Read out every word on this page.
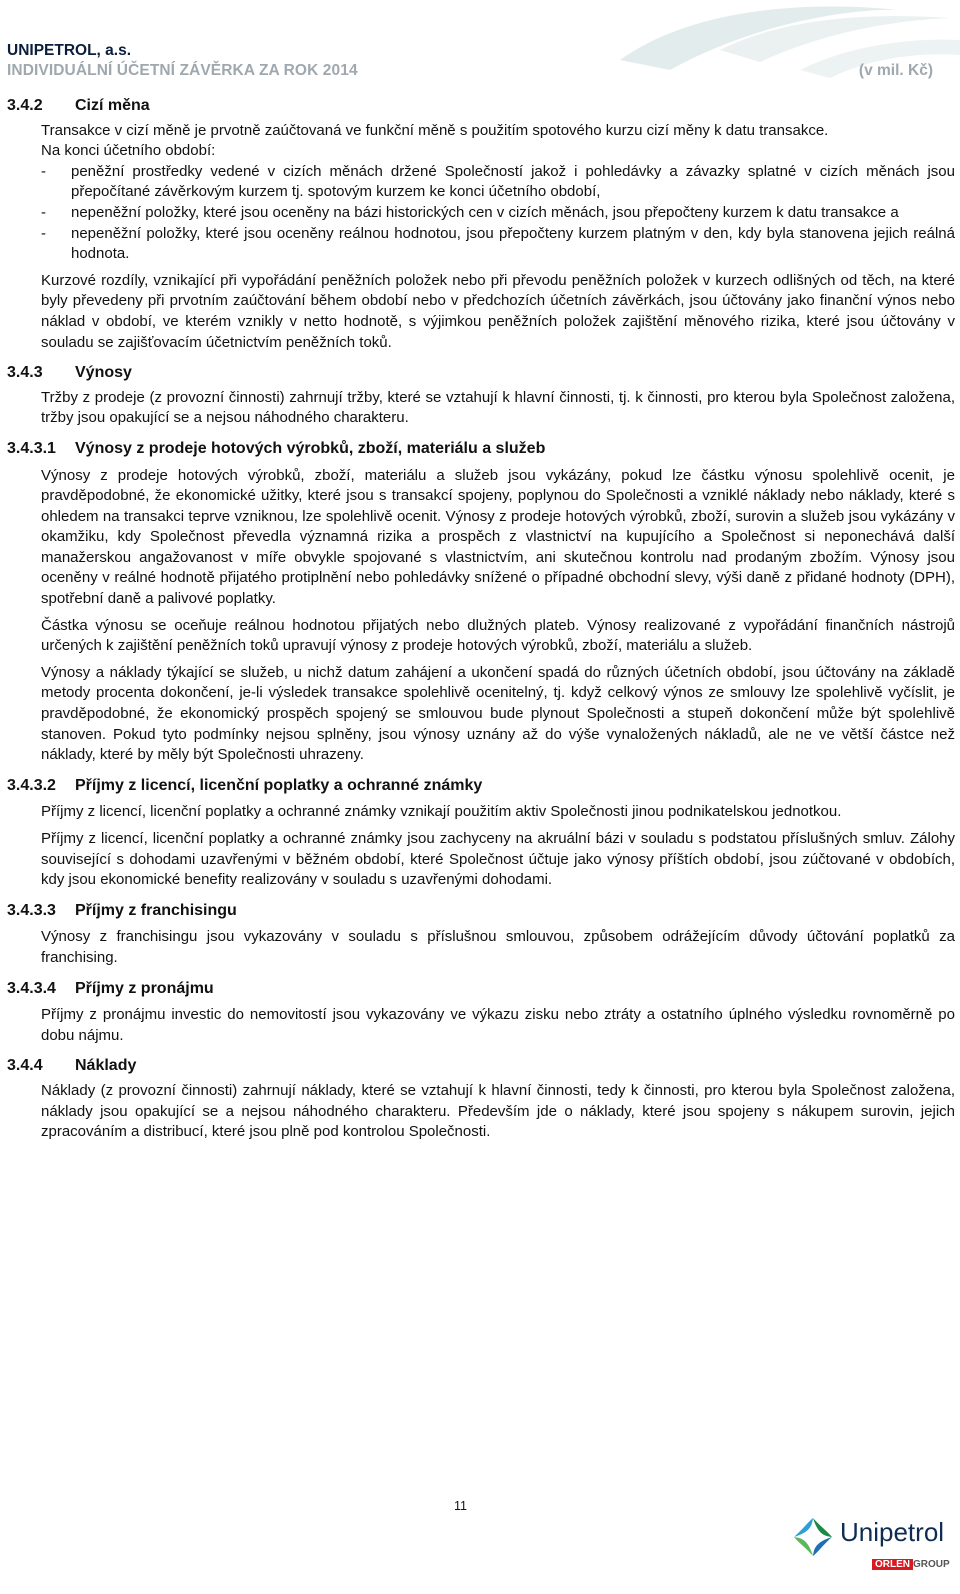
UNIPETROL, a.s.
INDIVIDUÁLNÍ ÚČETNÍ ZÁVĚRKA ZA ROK 2014	(v mil. Kč)
3.4.2	Cizí měna

Transakce v cizí měně je prvotně zaúčtovaná ve funkční měně s použitím spotového kurzu cizí měny k datu transakce.

Na konci účetního období:

-	peněžní prostředky vedené v cizích měnách držené Společností jakož i pohledávky a závazky splatné v cizích měnách jsou přepočítané závěrkovým kurzem tj. spotovým kurzem ke konci účetního období,
-	nepeněžní položky, které jsou oceněny na bázi historických cen v cizích měnách, jsou přepočteny kurzem k datu transakce a
-	nepeněžní položky, které jsou oceněny reálnou hodnotou, jsou přepočteny kurzem platným v den, kdy byla stanovena jejich reálná hodnota.

Kurzové rozdíly, vznikající při vypořádání peněžních položek nebo při převodu peněžních položek v kurzech odlišných od těch, na které byly převedeny při prvotním zaúčtování během období nebo v předchozích účetních závěrkách, jsou účtovány jako finanční výnos nebo náklad v období, ve kterém vznikly v netto hodnotě, s výjimkou peněžních položek zajištění měnového rizika, které jsou účtovány v souladu se zajišťovacím účetnictvím peněžních toků.

3.4.3	Výnosy

Tržby z prodeje (z provozní činnosti) zahrnují tržby, které se vztahují k hlavní činnosti, tj. k činnosti, pro kterou byla Společnost založena, tržby jsou opakující se a nejsou náhodného charakteru.

3.4.3.1	Výnosy z prodeje hotových výrobků, zboží, materiálu a služeb

Výnosy z prodeje hotových výrobků, zboží, materiálu a služeb jsou vykázány, pokud lze částku výnosu spolehlivě ocenit, je pravděpodobné, že ekonomické užitky, které jsou s transakcí spojeny, poplynou do Společnosti a vzniklé náklady nebo náklady, které s ohledem na transakci teprve vzniknou, lze spolehlivě ocenit. Výnosy z prodeje hotových výrobků, zboží, surovin a služeb jsou vykázány v okamžiku, kdy Společnost převedla významná rizika a prospěch z vlastnictví na kupujícího a Společnost si neponechává další manažerskou angažovanost v míře obvykle spojované s vlastnictvím, ani skutečnou kontrolu nad prodaným zbožím. Výnosy jsou oceněny v reálné hodnotě přijatého protiplnění nebo pohledávky snížené o případné obchodní slevy, výši daně z přidané hodnoty (DPH), spotřební daně a palivové poplatky.

Částka výnosu se oceňuje reálnou hodnotou přijatých nebo dlužných plateb. Výnosy realizované z vypořádání finančních nástrojů určených k zajištění peněžních toků upravují výnosy z prodeje hotových výrobků, zboží, materiálu a služeb.

Výnosy a náklady týkající se služeb, u nichž datum zahájení a ukončení spadá do různých účetních období, jsou účtovány na základě metody procenta dokončení, je-li výsledek transakce spolehlivě ocenitelný, tj. když celkový výnos ze smlouvy lze spolehlivě vyčíslit, je pravděpodobné, že ekonomický prospěch spojený se smlouvou bude plynout Společnosti a stupeň dokončení může být spolehlivě stanoven. Pokud tyto podmínky nejsou splněny, jsou výnosy uznány až do výše vynaložených nákladů, ale ne ve větší částce než náklady, které by měly být Společnosti uhrazeny.

3.4.3.2	Příjmy z licencí, licenční poplatky a ochranné známky

Příjmy z licencí, licenční poplatky a ochranné známky vznikají použitím aktiv Společnosti jinou podnikatelskou jednotkou.

Příjmy z licencí, licenční poplatky a ochranné známky jsou zachyceny na akruální bázi v souladu s podstatou příslušných smluv. Zálohy související s dohodami uzavřenými v běžném období, které Společnost účtuje jako výnosy příštích období, jsou zúčtované v obdobích, kdy jsou ekonomické benefity realizovány v souladu s uzavřenými dohodami.

3.4.3.3	Příjmy z franchisingu

Výnosy z franchisingu jsou vykazovány v souladu s příslušnou smlouvou, způsobem odrážejícím důvody účtování poplatků za franchising.

3.4.3.4	Příjmy z pronájmu

Příjmy z pronájmu investic do nemovitostí jsou vykazovány ve výkazu zisku nebo ztráty a ostatního úplného výsledku rovnoměrně po dobu nájmu.

3.4.4	Náklady

Náklady (z provozní činnosti) zahrnují náklady, které se vztahují k hlavní činnosti, tedy k činnosti, pro kterou byla Společnost založena, náklady jsou opakující se a nejsou náhodného charakteru. Především jde o náklady, které jsou spojeny s nákupem surovin, jejich zpracováním a distribucí, které jsou plně pod kontrolou Společnosti.

11
Unipetrol
ORLEN GROUP
